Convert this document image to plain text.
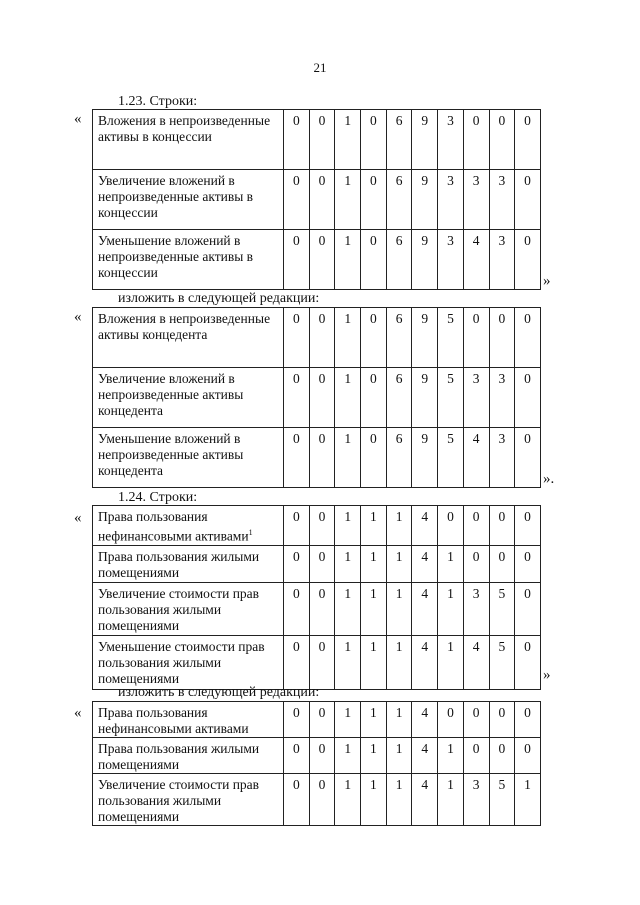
21
1.23. Строки:
« Вложения в непроизведенные активы в концессии	0	0	1	0	6	9	3	0	0	0
Увеличение вложений в непроизведенные активы в концессии	0	0	1	0	6	9	3	3	3	0
Уменьшение вложений в непроизведенные активы в концессии	0	0	1	0	6	9	3	4	3	0
»
изложить в следующей редакции:
« Вложения в непроизведенные активы концедента	0	0	1	0	6	9	5	0	0	0
Увеличение вложений в непроизведенные активы концедента	0	0	1	0	6	9	5	3	3	0
Уменьшение вложений в непроизведенные активы концедента	0	0	1	0	6	9	5	4	3	0
».
1.24. Строки:
« Права пользования нефинансовыми активами$^1$	0	0	1	1	1	4	0	0	0	0
Права пользования жилыми помещениями	0	0	1	1	1	4	1	0	0	0
Увеличение стоимости прав пользования жилыми помещениями	0	0	1	1	1	4	1	3	5	0
Уменьшение стоимости прав пользования жилыми помещениями	0	0	1	1	1	4	1	4	5	0
»
изложить в следующей редакции:
« Права пользования нефинансовыми активами	0	0	1	1	1	4	0	0	0	0
Права пользования жилыми помещениями	0	0	1	1	1	4	1	0	0	0
Увеличение стоимости прав пользования жилыми помещениями	0	0	1	1	1	4	1	3	5	1
